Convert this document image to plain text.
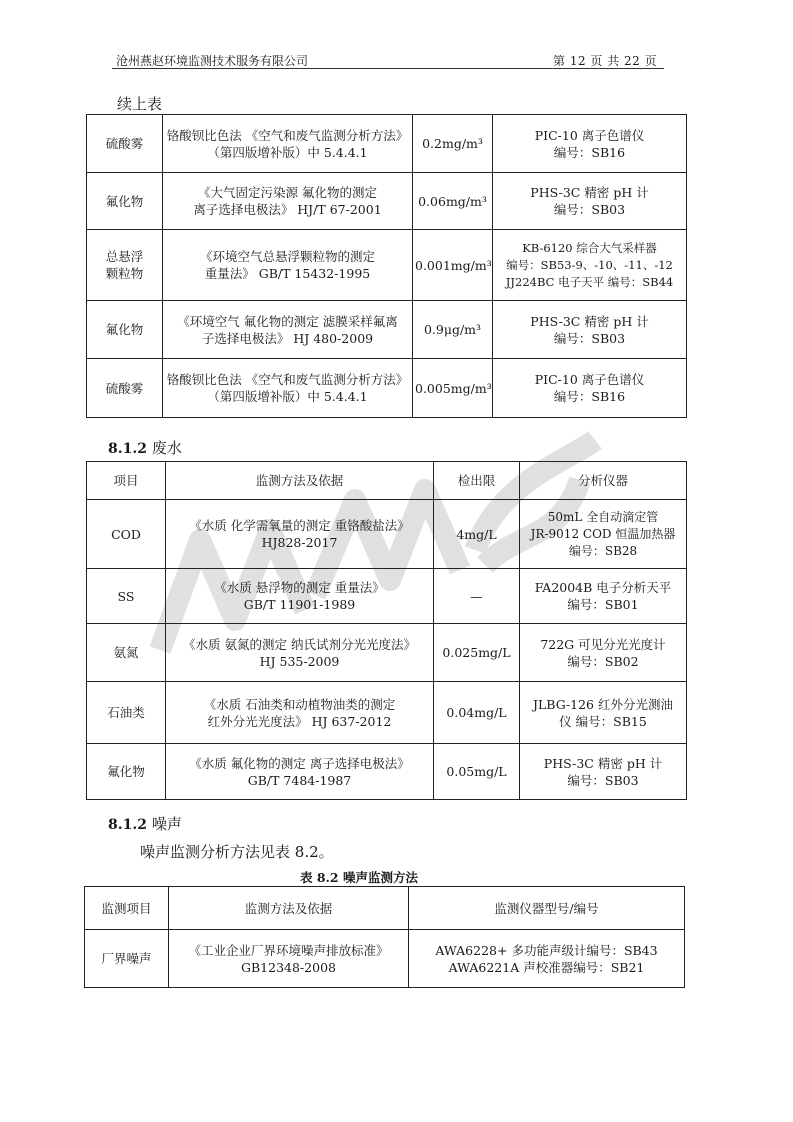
沧州燕赵环境监测技术服务有限公司	第 12 页 共 22 页
续上表
硫酸雾	铬酸钡比色法 《空气和废气监测分析方法》
（第四版增补版）中 5.4.4.1	0.2mg/m³	PIC-10 离子色谱仪
编号：SB16

氟化物	《大气固定污染源 氟化物的测定
离子选择电极法》 HJ/T 67-2001	0.06mg/m³	PHS-3C 精密 pH 计
编号：SB03

总悬浮
颗粒物	《环境空气总悬浮颗粒物的测定
重量法》 GB/T 15432-1995	0.001mg/m³	KB-6120 综合大气采样器
编号：SB53-9、-10、-11、-12
JJ224BC 电子天平 编号：SB44

氟化物	《环境空气 氟化物的测定 滤膜采样氟离
子选择电极法》 HJ 480-2009	0.9μg/m³	PHS-3C 精密 pH 计
编号：SB03

硫酸雾	铬酸钡比色法 《空气和废气监测分析方法》
（第四版增补版）中 5.4.4.1	0.005mg/m³	PIC-10 离子色谱仪
编号：SB16
8.1.2 废水
项目	监测方法及依据	检出限	分析仪器
COD	《水质 化学需氧量的测定 重铬酸盐法》
HJ828-2017	4mg/L	50mL 全自动滴定管
JR-9012 COD 恒温加热器
编号：SB28

SS	《水质 悬浮物的测定 重量法》
GB/T 11901-1989	—	FA2004B 电子分析天平
编号：SB01

氨氮	《水质 氨氮的测定 纳氏试剂分光光度法》
HJ 535-2009	0.025mg/L	722G 可见分光光度计
编号：SB02

石油类	《水质 石油类和动植物油类的测定
红外分光光度法》 HJ 637-2012	0.04mg/L	JLBG-126 红外分光测油
仪 编号：SB15

氟化物	《水质 氟化物的测定 离子选择电极法》
GB/T 7484-1987	0.05mg/L	PHS-3C 精密 pH 计
编号：SB03
8.1.2 噪声
噪声监测分析方法见表 8.2。
表 8.2 噪声监测方法
监测项目	监测方法及依据	监测仪器型号/编号
厂界噪声	《工业企业厂界环境噪声排放标准》
GB12348-2008	AWA6228+ 多功能声级计编号：SB43
AWA6221A 声校准器编号：SB21
